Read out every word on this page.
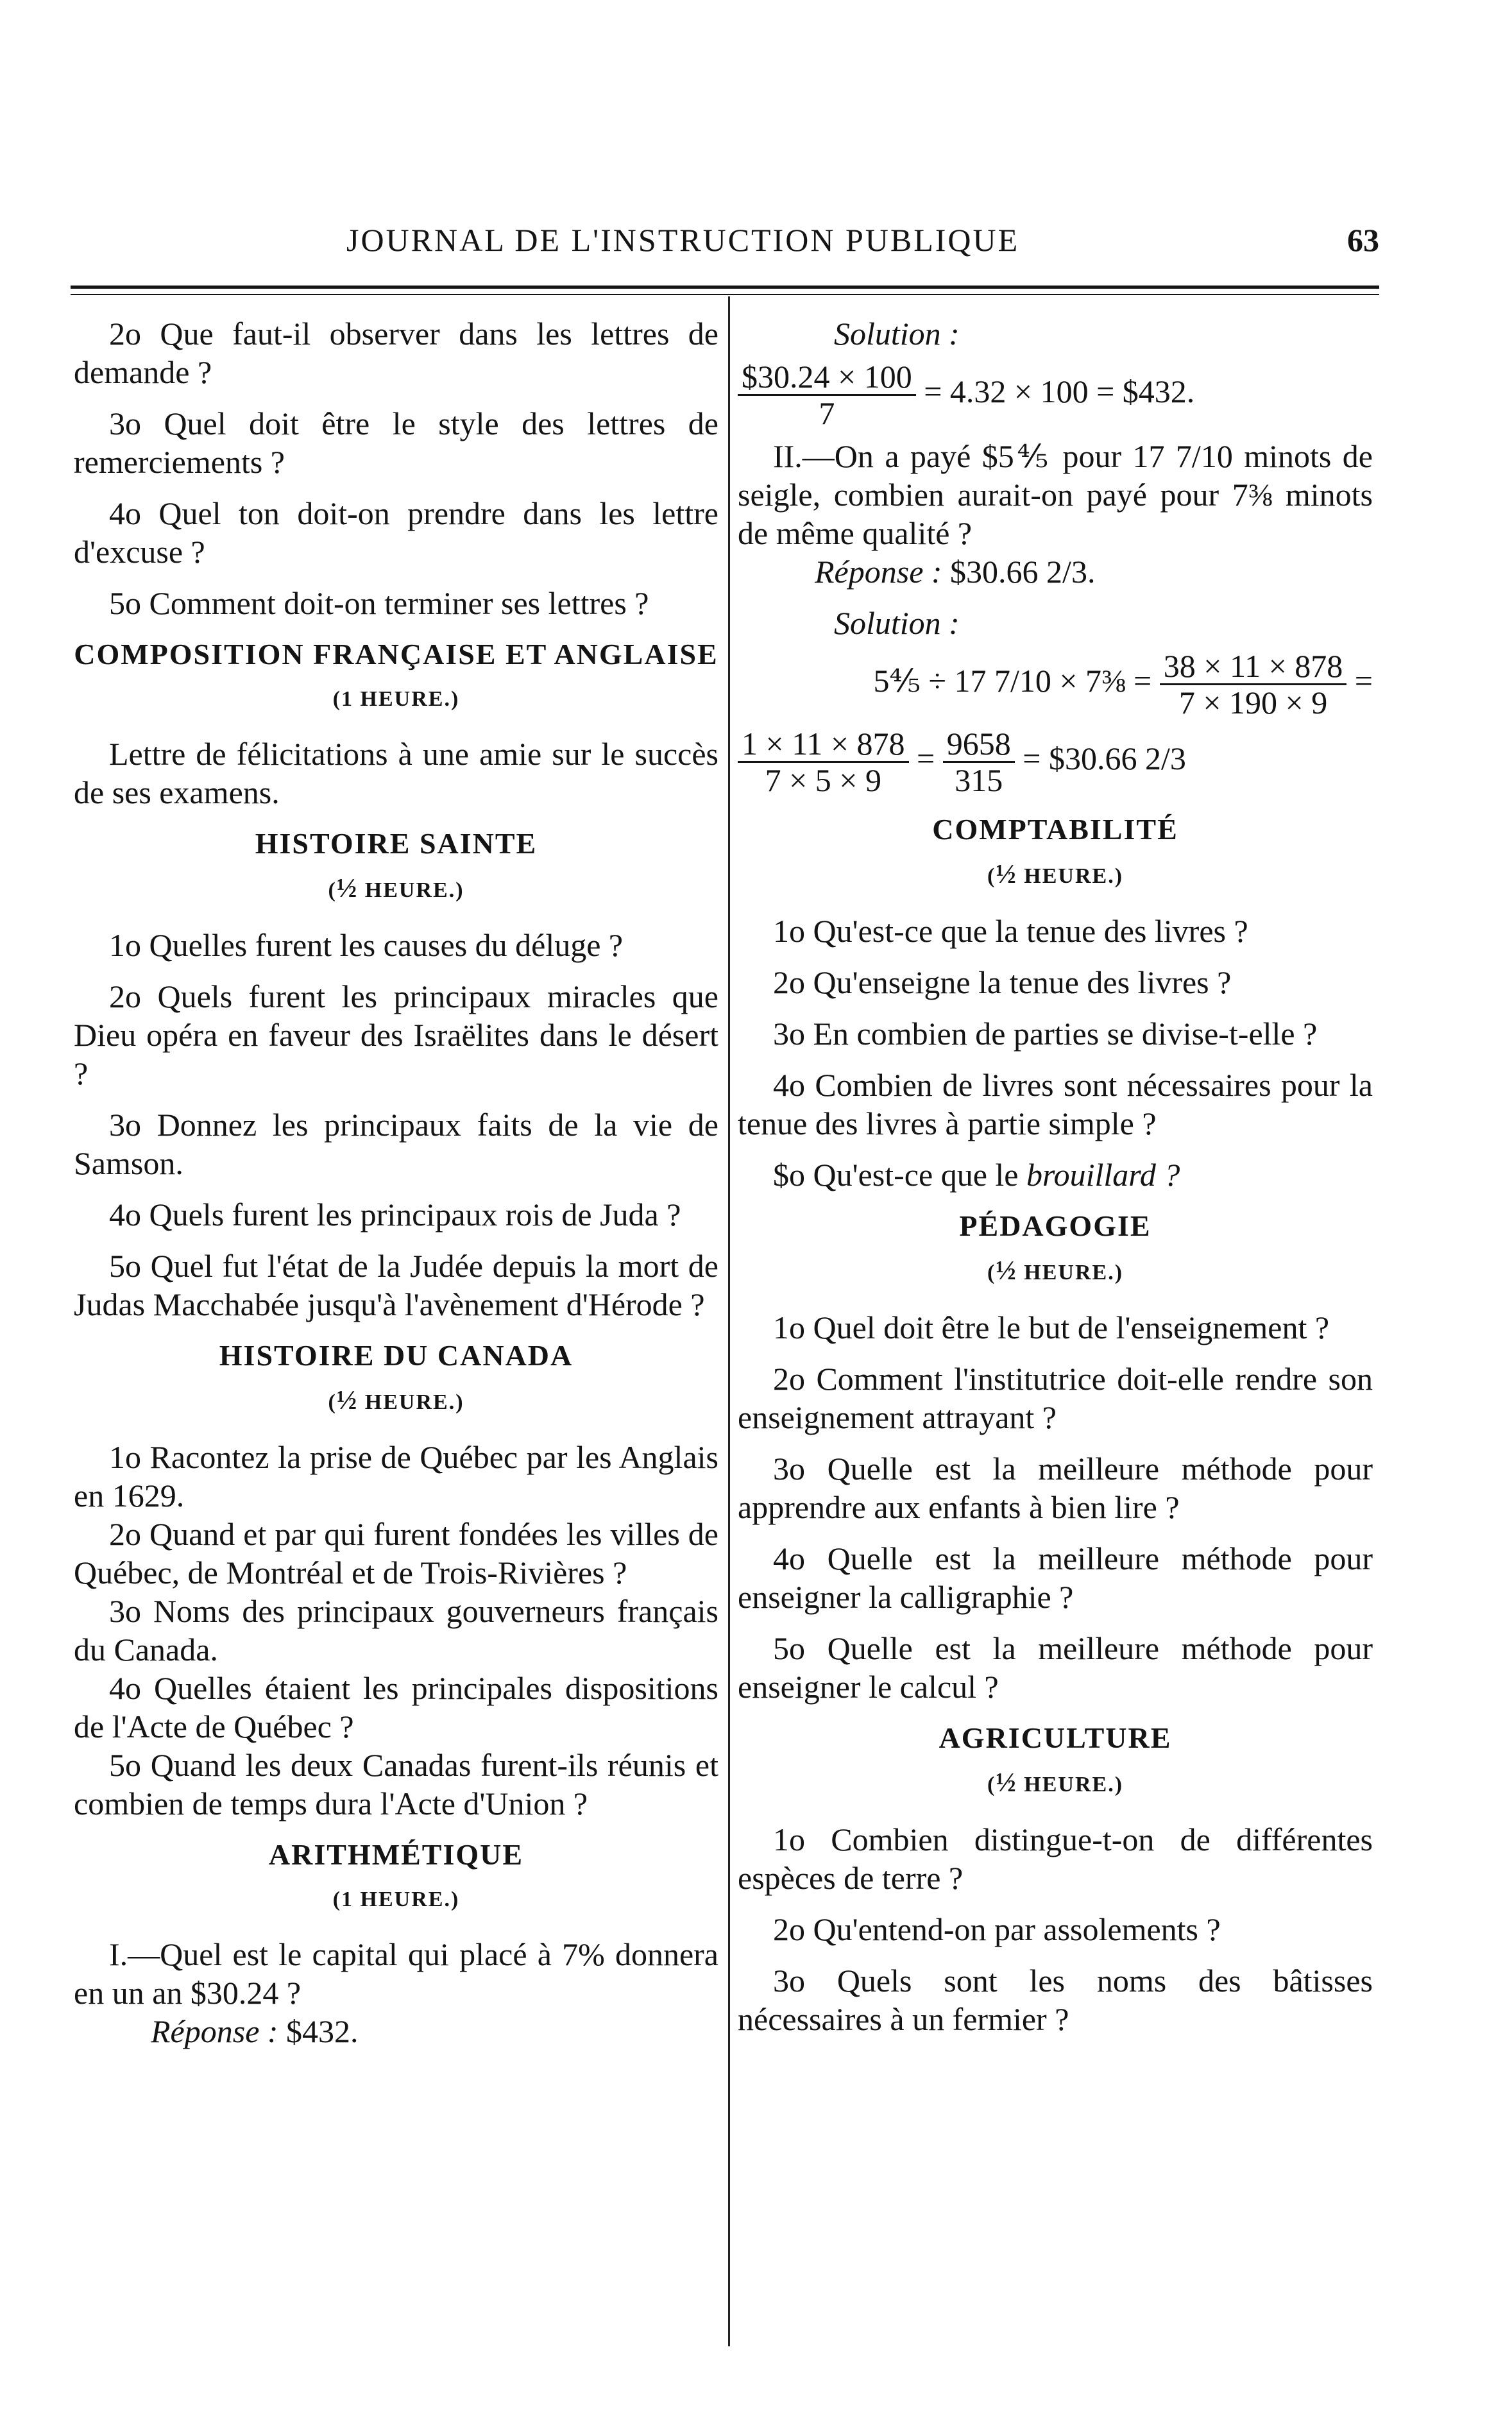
JOURNAL DE L'INSTRUCTION PUBLIQUE	63

2o Que faut-il observer dans les lettres de demande ?

3o Quel doit être le style des lettres de remerciements ?

4o Quel ton doit-on prendre dans les lettre d'excuse ?

5o Comment doit-on terminer ses lettres ?

COMPOSITION FRANÇAISE ET ANGLAISE
(1 HEURE.)

Lettre de félicitations à une amie sur le succès de ses examens.

HISTOIRE SAINTE
(½ HEURE.)

1o Quelles furent les causes du déluge ?

2o Quels furent les principaux miracles que Dieu opéra en faveur des Israëlites dans le désert ?

3o Donnez les principaux faits de la vie de Samson.

4o Quels furent les principaux rois de Juda ?

5o Quel fut l'état de la Judée depuis la mort de Judas Macchabée jusqu'à l'avènement d'Hérode ?

HISTOIRE DU CANADA
(½ HEURE.)

1o Racontez la prise de Québec par les Anglais en 1629.

2o Quand et par qui furent fondées les villes de Québec, de Montréal et de Trois-Rivières ?

3o Noms des principaux gouverneurs français du Canada.

4o Quelles étaient les principales dispositions de l'Acte de Québec ?

5o Quand les deux Canadas furent-ils réunis et combien de temps dura l'Acte d'Union ?

ARITHMÉTIQUE
(1 HEURE.)

I.—Quel est le capital qui placé à 7% donnera en un an $30.24 ?

Réponse : $432.
Solution :
$\frac{\$30.24 \times 100}{7} = 4.32 \times 100$ = $432.

II.—On a payé $5⅘ pour 17 7/10 minots de seigle, combien aurait-on payé pour 7⅜ minots de même qualité ?

Réponse : $30.66 2/3.
Solution :
5⅘ ÷ 17 7/10 × 7⅜ = $\frac{38 \times 11 \times 878}{7 \times 190 \times 9}$ =
$\frac{1 \times 11 \times 878}{7 \times 5 \times 9} = \frac{9658}{315}$ = $30.66 2/3
COMPTABILITÉ
(½ HEURE.)

1o Qu'est-ce que la tenue des livres ?

2o Qu'enseigne la tenue des livres ?

3o En combien de parties se divise-t-elle ?

4o Combien de livres sont nécessaires pour la tenue des livres à partie simple ?

$o Qu'est-ce que le brouillard ?

PÉDAGOGIE
(½ HEURE.)

1o Quel doit être le but de l'enseignement ?

2o Comment l'institutrice doit-elle rendre son enseignement attrayant ?

3o Quelle est la meilleure méthode pour apprendre aux enfants à bien lire ?

4o Quelle est la meilleure méthode pour enseigner la calligraphie ?

5o Quelle est la meilleure méthode pour enseigner le calcul ?

AGRICULTURE
(½ HEURE.)

1o Combien distingue-t-on de différentes espèces de terre ?

2o Qu'entend-on par assolements ?

3o Quels sont les noms des bâtisses nécessaires à un fermier ?
